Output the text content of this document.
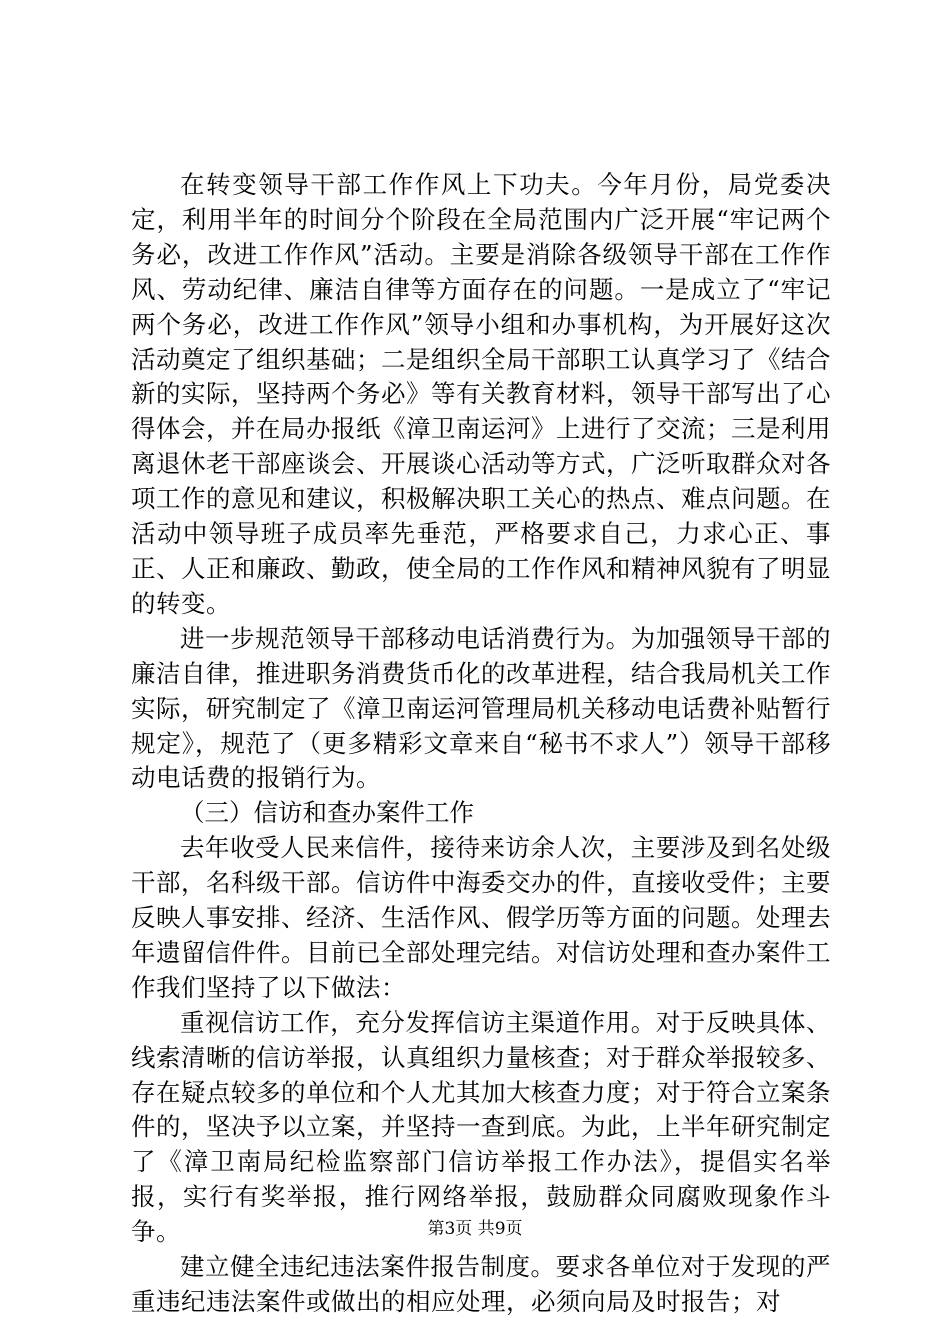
在转变领导干部工作作风上下功夫。今年月份，局党委决定，利用半年的时间分个阶段在全局范围内广泛开展“牢记两个务必，改进工作作风”活动。主要是消除各级领导干部在工作作风、劳动纪律、廉洁自律等方面存在的问题。一是成立了“牢记两个务必，改进工作作风”领导小组和办事机构，为开展好这次活动奠定了组织基础；二是组织全局干部职工认真学习了《结合新的实际，坚持两个务必》等有关教育材料，领导干部写出了心得体会，并在局办报纸《漳卫南运河》上进行了交流；三是利用离退休老干部座谈会、开展谈心活动等方式，广泛听取群众对各项工作的意见和建议，积极解决职工关心的热点、难点问题。在活动中领导班子成员率先垂范，严格要求自己，力求心正、事正、人正和廉政、勤政，使全局的工作作风和精神风貌有了明显的转变。

进一步规范领导干部移动电话消费行为。为加强领导干部的廉洁自律，推进职务消费货币化的改革进程，结合我局机关工作实际，研究制定了《漳卫南运河管理局机关移动电话费补贴暂行规定》，规范了（更多精彩文章来自“秘书不求人”）领导干部移动电话费的报销行为。

（三）信访和查办案件工作

去年收受人民来信件，接待来访余人次，主要涉及到名处级干部，名科级干部。信访件中海委交办的件，直接收受件；主要反映人事安排、经济、生活作风、假学历等方面的问题。处理去年遗留信件件。目前已全部处理完结。对信访处理和查办案件工作我们坚持了以下做法：

重视信访工作，充分发挥信访主渠道作用。对于反映具体、线索清晰的信访举报，认真组织力量核查；对于群众举报较多、存在疑点较多的单位和个人尤其加大核查力度；对于符合立案条件的，坚决予以立案，并坚持一查到底。为此，上半年研究制定了《漳卫南局纪检监察部门信访举报工作办法》，提倡实名举报，实行有奖举报，推行网络举报，鼓励群众同腐败现象作斗争。

建立健全违纪违法案件报告制度。要求各单位对于发现的严重违纪违法案件或做出的相应处理，必须向局及时报告；对

第3页 共9页
